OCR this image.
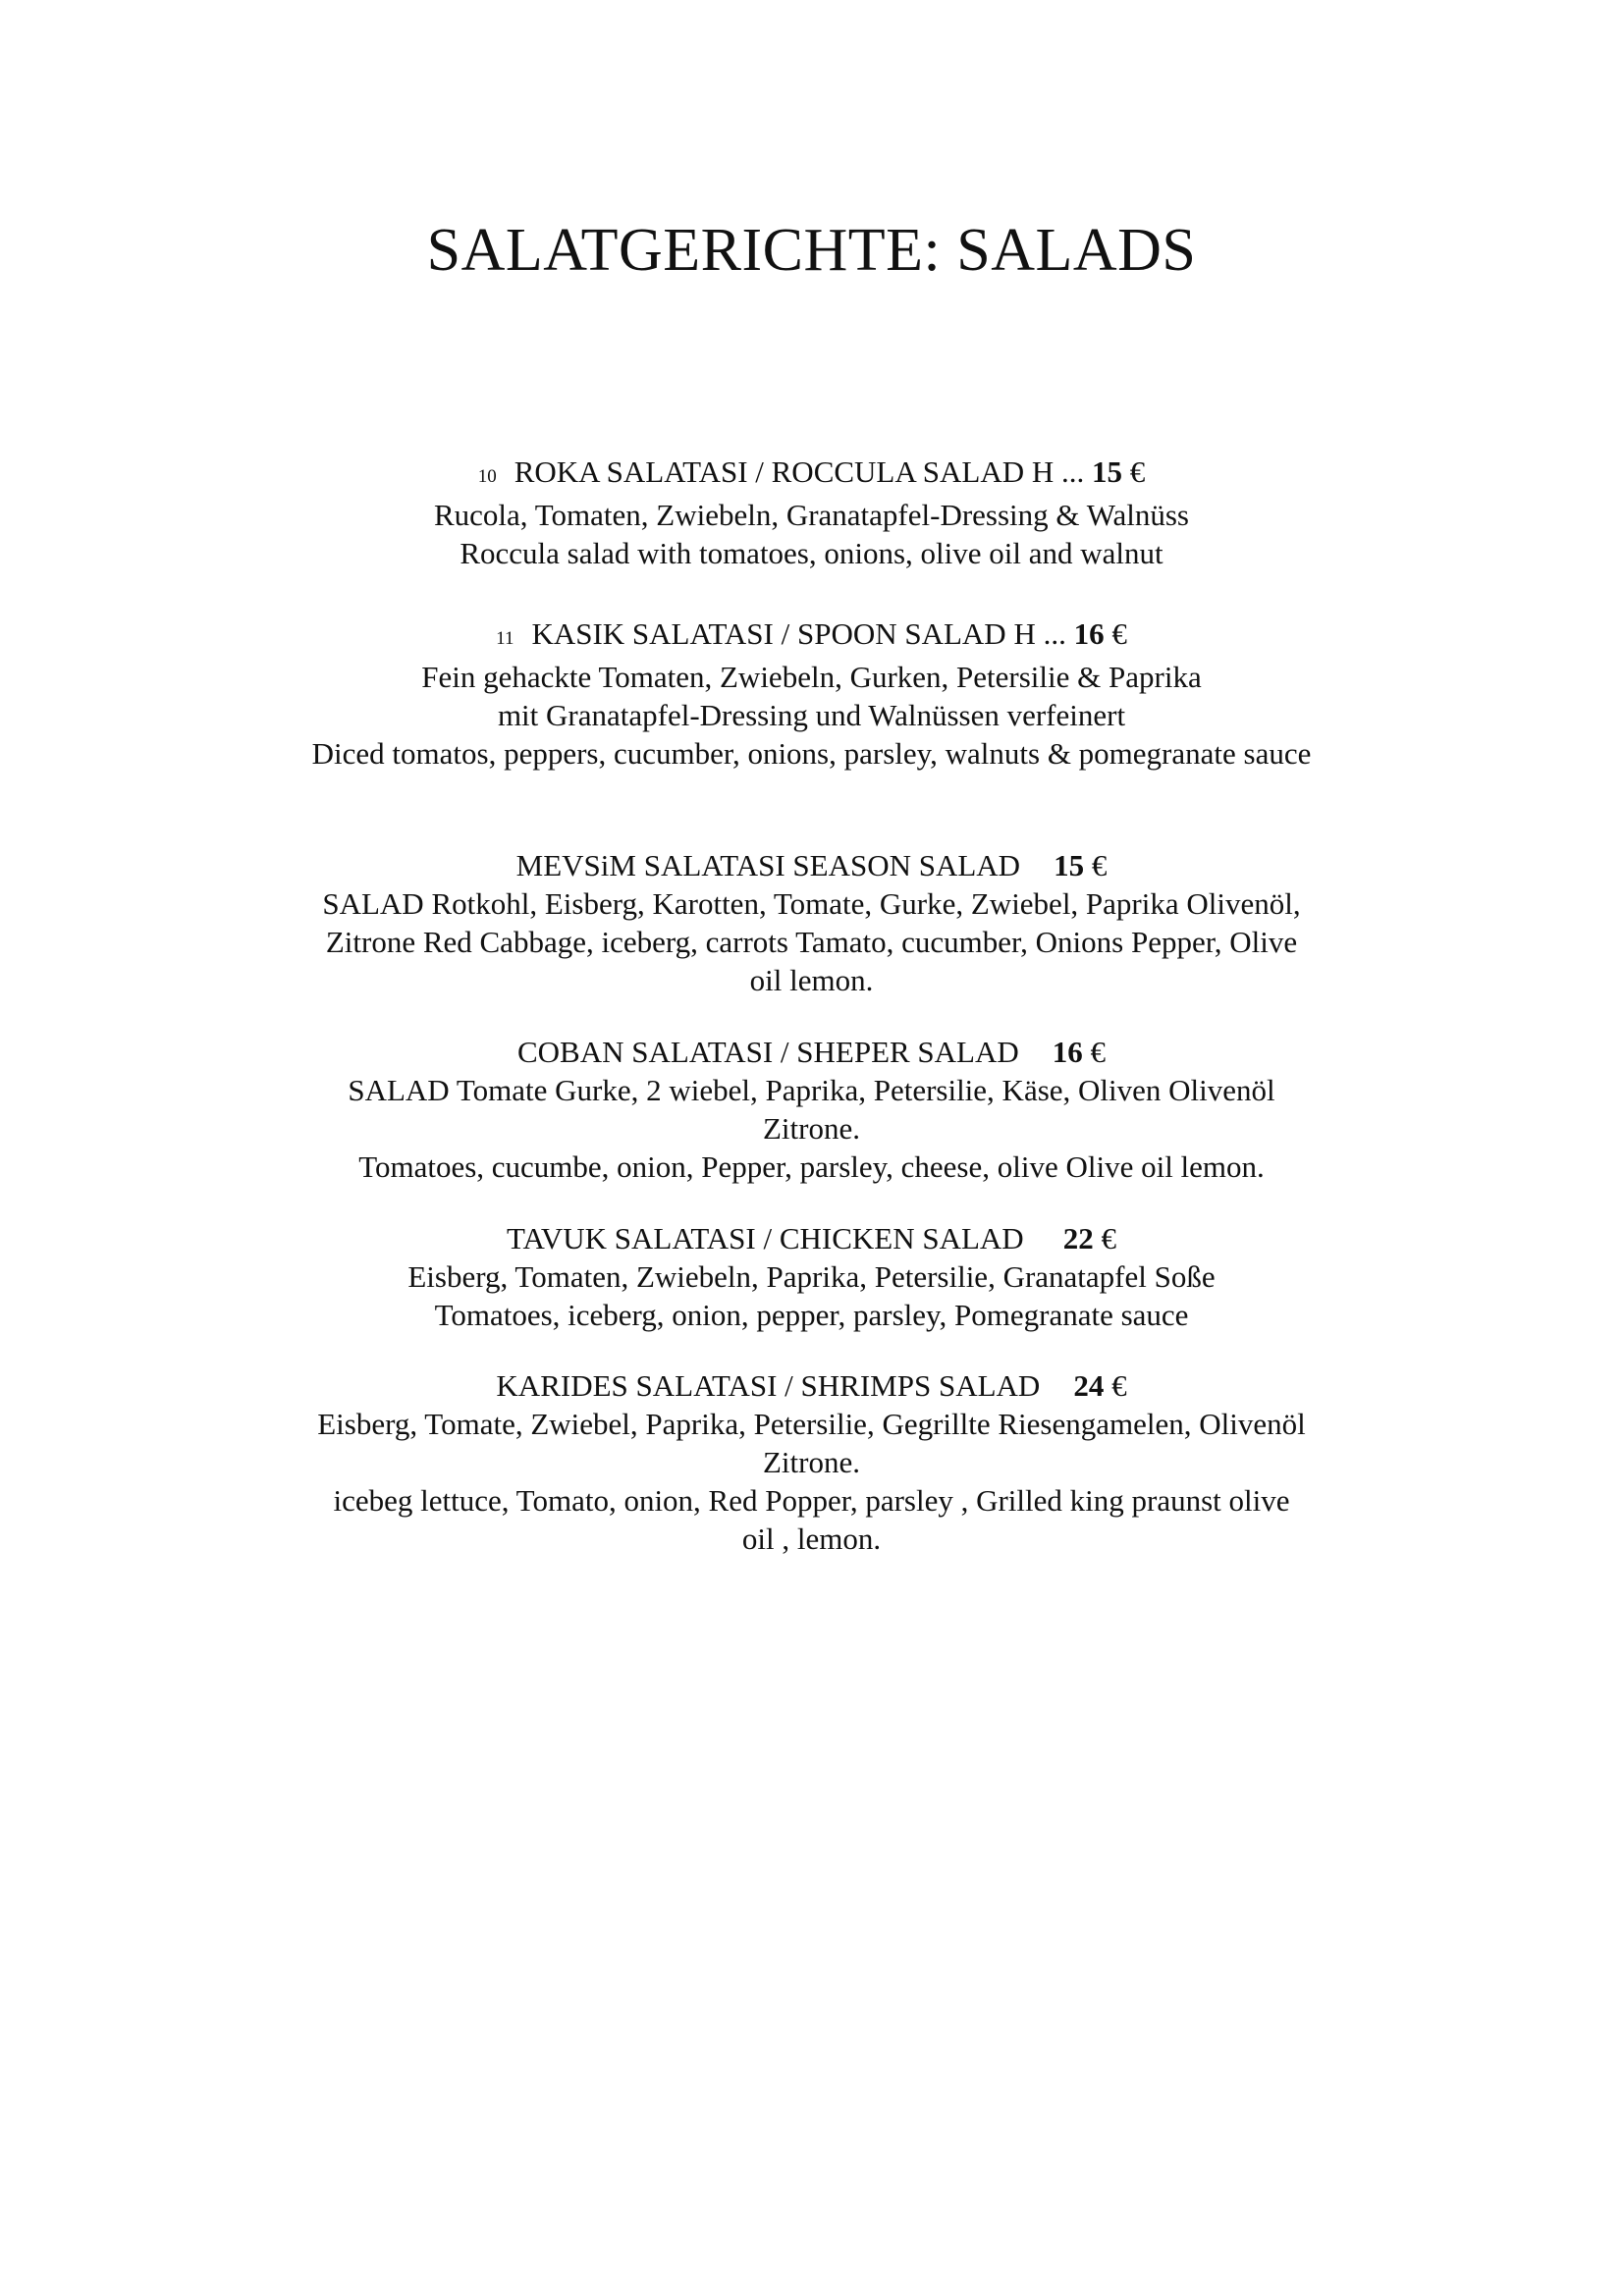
SALATGERICHTE: SALADS
10 ROKA SALATASI / ROCCULA SALAD H ... 15 €
Rucola, Tomaten, Zwiebeln, Granatapfel-Dressing & Walnüss
Roccula salad with tomatoes, onions, olive oil and walnut
11 KASIK SALATASI / SPOON SALAD H ... 16 €
Fein gehackte Tomaten, Zwiebeln, Gurken, Petersilie & Paprika
mit Granatapfel-Dressing und Walnüssen verfeinert
Diced tomatos, peppers, cucumber, onions, parsley, walnuts & pomegranate sauce
MEVSiM SALATASI SEASON SALAD 15 €
SALAD Rotkohl, Eisberg, Karotten, Tomate, Gurke, Zwiebel, Paprika Olivenöl,
Zitrone Red Cabbage, iceberg, carrots Tamato, cucumber, Onions Pepper, Olive
oil lemon.
COBAN SALATASI / SHEPER SALAD 16 €
SALAD Tomate Gurke, 2 wiebel, Paprika, Petersilie, Käse, Oliven Olivenöl
Zitrone.
Tomatoes, cucumbe, onion, Pepper, parsley, cheese, olive Olive oil lemon.
TAVUK SALATASI / CHICKEN SALAD 22 €
Eisberg, Tomaten, Zwiebeln, Paprika, Petersilie, Granatapfel Soße
Tomatoes, iceberg, onion, pepper, parsley, Pomegranate sauce
KARIDES SALATASI / SHRIMPS SALAD 24 €
Eisberg, Tomate, Zwiebel, Paprika, Petersilie, Gegrillte Riesengamelen, Olivenöl
Zitrone.
icebeg lettuce, Tomato, onion, Red Popper, parsley , Grilled king praunst olive
oil , lemon.
